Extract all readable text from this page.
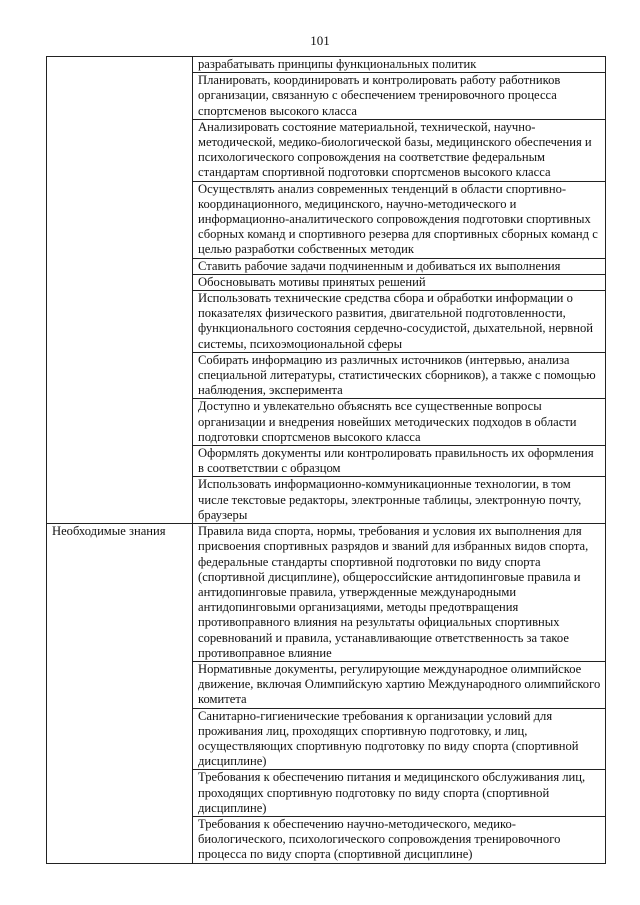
101
	разрабатывать принципы функциональных политик
	Планировать, координировать и контролировать работу работников организации, связанную с обеспечением тренировочного процесса спортсменов высокого класса
	Анализировать состояние материальной, технической, научно-методической, медико-биологической базы, медицинского обеспечения и психологического сопровождения на соответствие федеральным стандартам спортивной подготовки спортсменов высокого класса
	Осуществлять анализ современных тенденций в области спортивно-координационного, медицинского, научно-методического и информационно-аналитического сопровождения подготовки спортивных сборных команд и спортивного резерва для спортивных сборных команд с целью разработки собственных методик
	Ставить рабочие задачи подчиненным и добиваться их выполнения
	Обосновывать мотивы принятых решений
	Использовать технические средства сбора и обработки информации о показателях физического развития, двигательной подготовленности, функционального состояния сердечно-сосудистой, дыхательной, нервной системы, психоэмоциональной сферы
	Собирать информацию из различных источников (интервью, анализа специальной литературы, статистических сборников), а также с помощью наблюдения, эксперимента
	Доступно и увлекательно объяснять все существенные вопросы организации и внедрения новейших методических подходов в области подготовки спортсменов высокого класса
	Оформлять документы или контролировать правильность их оформления в соответствии с образцом
	Использовать информационно-коммуникационные технологии, в том числе текстовые редакторы, электронные таблицы, электронную почту, браузеры
Необходимые знания	Правила вида спорта, нормы, требования и условия их выполнения для присвоения спортивных разрядов и званий для избранных видов спорта, федеральные стандарты спортивной подготовки по виду спорта (спортивной дисциплине), общероссийские антидопинговые правила и антидопинговые правила, утвержденные международными антидопинговыми организациями, методы предотвращения противоправного влияния на результаты официальных спортивных соревнований и правила, устанавливающие ответственность за такое противоправное влияние
	Нормативные документы, регулирующие международное олимпийское движение, включая Олимпийскую хартию Международного олимпийского комитета
	Санитарно-гигиенические требования к организации условий для проживания лиц, проходящих спортивную подготовку, и лиц, осуществляющих спортивную подготовку по виду спорта (спортивной дисциплине)
	Требования к обеспечению питания и медицинского обслуживания лиц, проходящих спортивную подготовку по виду спорта (спортивной дисциплине)
	Требования к обеспечению научно-методического, медико-биологического, психологического сопровождения тренировочного процесса по виду спорта (спортивной дисциплине)
